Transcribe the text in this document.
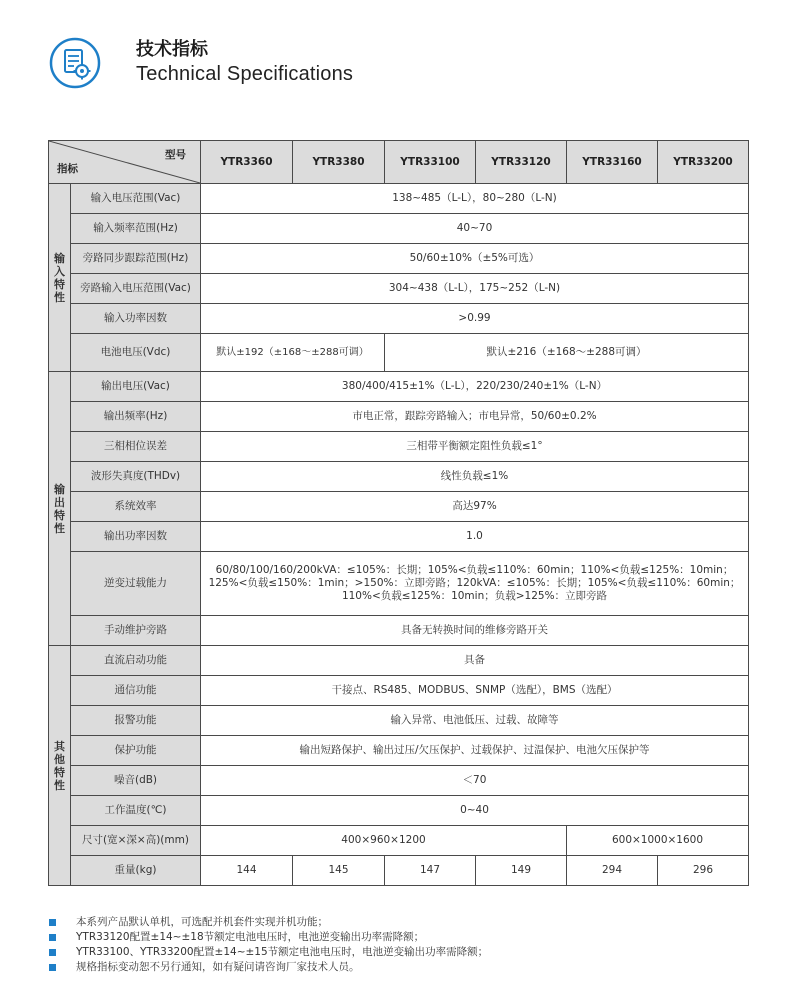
技术指标
Technical Specifications
型号
指标		YTR3360	YTR3380	YTR33100	YTR33120	YTR33160	YTR33200
输入特性	输入电压范围(Vac)	138~485（L-L），80~280（L-N)					
	输入频率范围(Hz)	40~70					
	旁路同步跟踪范围(Hz)	50/60±10%（±5%可选）					
	旁路输入电压范围(Vac)	304~438（L-L），175~252（L-N)					
	输入功率因数	>0.99					
	电池电压(Vdc)	默认±192（±168～±288可调）		默认±216（±168～±288可调）			
输出特性	输出电压(Vac)	380/400/415±1%（L-L），220/230/240±1%（L-N）					
	输出频率(Hz)	市电正常，跟踪旁路输入；市电异常，50/60±0.2%					
	三相相位误差	三相带平衡额定阻性负载≤1°					
	波形失真度(THDv)	线性负载≤1%					
	系统效率	高达97%					
	输出功率因数	1.0					
	逆变过载能力	60/80/100/160/200kVA：≤105%：长期；105%<负载≤110%：60min；110%<负载≤125%：10min；125%<负载≤150%：1min；>150%：立即旁路；120kVA：≤105%：长期；105%<负载≤110%：60min；110%<负载≤125%：10min；负载>125%：立即旁路					
	手动维护旁路	具备无转换时间的维修旁路开关					
其他特性	直流启动功能	具备					
	通信功能	干接点、RS485、MODBUS、SNMP（选配），BMS（选配）					
	报警功能	输入异常、电池低压、过载、故障等					
	保护功能	输出短路保护、输出过压/欠压保护、过载保护、过温保护、电池欠压保护等					
	噪音(dB)	＜70					
	工作温度(℃)	0~40					
	尺寸(宽×深×高)(mm)	400×960×1200				600×1000×1600	
	重量(kg)	144	145	147	149	294	296
本系列产品默认单机，可选配并机套件实现并机功能；
YTR33120配置±14~±18节额定电池电压时，电池逆变输出功率需降额；
YTR33100、YTR33200配置±14~±15节额定电池电压时，电池逆变输出功率需降额；
规格指标变动恕不另行通知，如有疑问请咨询厂家技术人员。
